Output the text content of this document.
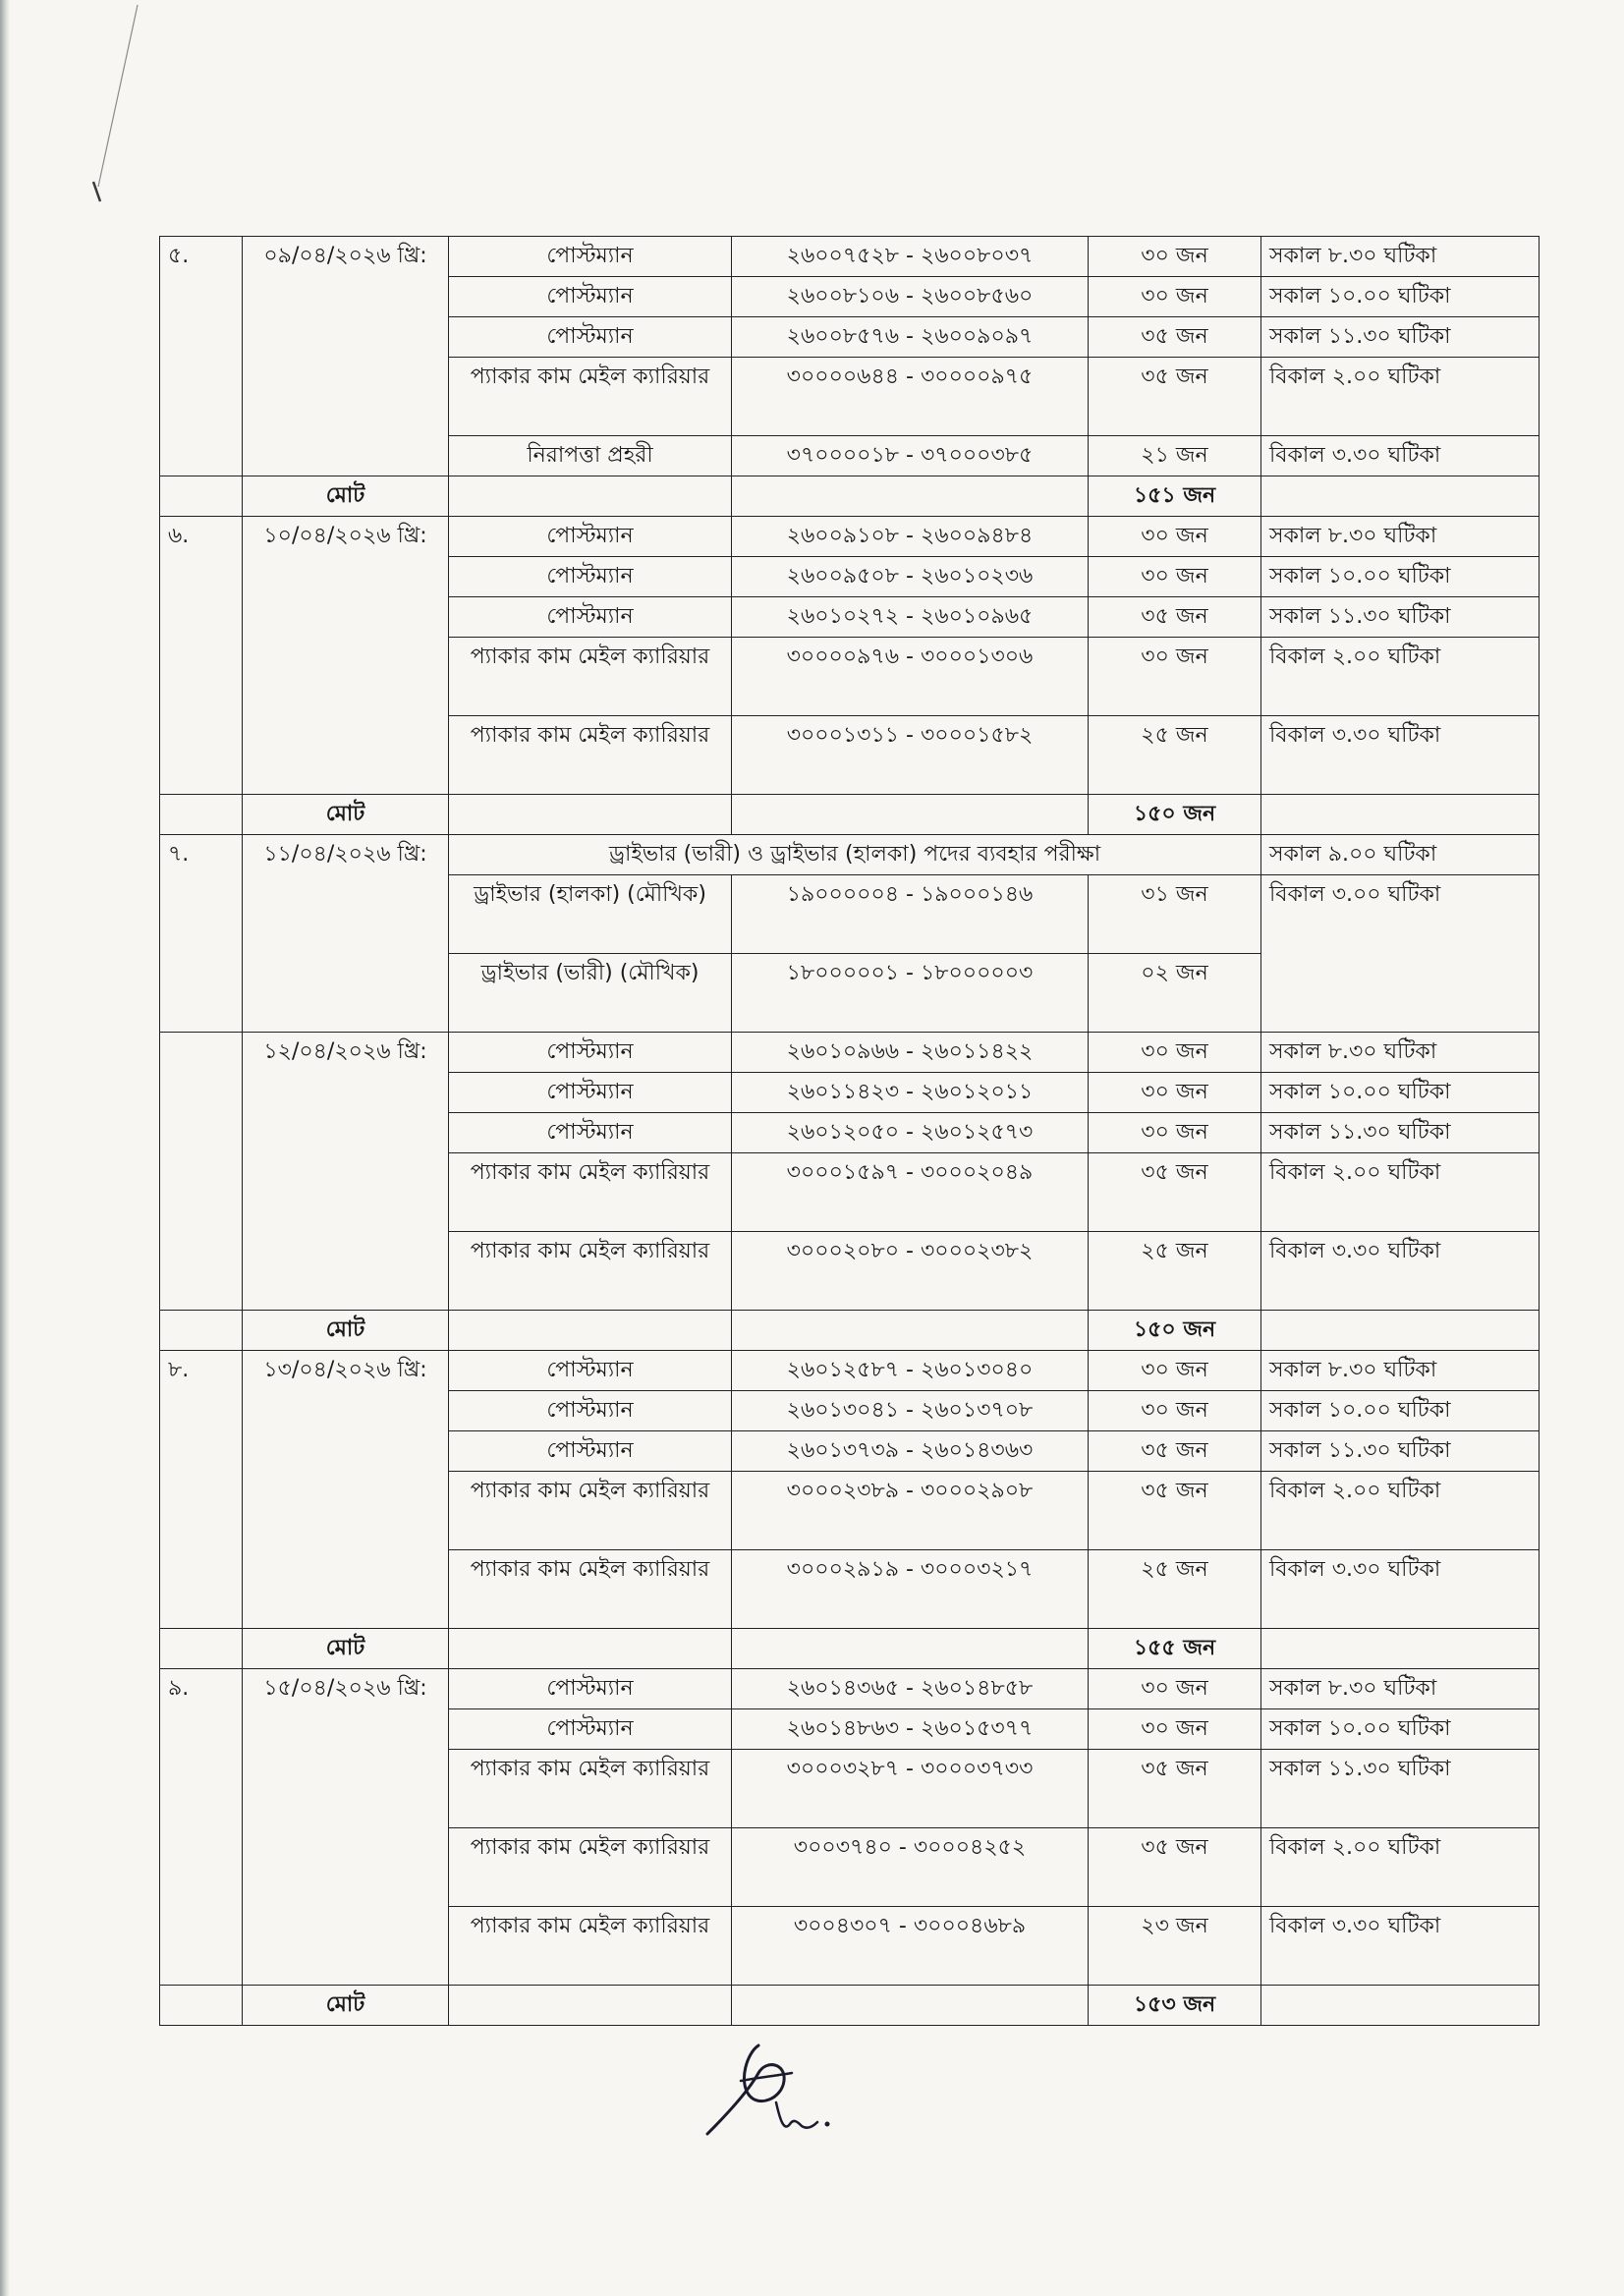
৫.	০৯/০৪/২০২৬ খ্রি:	পোস্টম্যান	২৬০০৭৫২৮ - ২৬০০৮০৩৭	৩০ জন	সকাল ৮.৩০ ঘটিকা
		পোস্টম্যান	২৬০০৮১০৬ - ২৬০০৮৫৬০	৩০ জন	সকাল ১০.০০ ঘটিকা
		পোস্টম্যান	২৬০০৮৫৭৬ - ২৬০০৯০৯৭	৩৫ জন	সকাল ১১.৩০ ঘটিকা
		প্যাকার কাম মেইল ক্যারিয়ার	৩০০০০৬৪৪ - ৩০০০০৯৭৫	৩৫ জন	বিকাল ২.০০ ঘটিকা
		নিরাপত্তা প্রহরী	৩৭০০০০১৮ - ৩৭০০০৩৮৫	২১ জন	বিকাল ৩.৩০ ঘটিকা
	মোট			১৫১ জন	
৬.	১০/০৪/২০২৬ খ্রি:	পোস্টম্যান	২৬০০৯১০৮ - ২৬০০৯৪৮৪	৩০ জন	সকাল ৮.৩০ ঘটিকা
		পোস্টম্যান	২৬০০৯৫০৮ - ২৬০১০২৩৬	৩০ জন	সকাল ১০.০০ ঘটিকা
		পোস্টম্যান	২৬০১০২৭২ - ২৬০১০৯৬৫	৩৫ জন	সকাল ১১.৩০ ঘটিকা
		প্যাকার কাম মেইল ক্যারিয়ার	৩০০০০৯৭৬ - ৩০০০১৩০৬	৩০ জন	বিকাল ২.০০ ঘটিকা
		প্যাকার কাম মেইল ক্যারিয়ার	৩০০০১৩১১ - ৩০০০১৫৮২	২৫ জন	বিকাল ৩.৩০ ঘটিকা
	মোট			১৫০ জন	
৭.	১১/০৪/২০২৬ খ্রি:	ড্রাইভার (ভারী) ও ড্রাইভার (হালকা) পদের ব্যবহার পরীক্ষা			সকাল ৯.০০ ঘটিকা
		ড্রাইভার (হালকা) (মৌখিক)	১৯০০০০০৪ - ১৯০০০১৪৬	৩১ জন	বিকাল ৩.০০ ঘটিকা
		ড্রাইভার (ভারী) (মৌখিক)	১৮০০০০০১ - ১৮০০০০০৩	০২ জন	
	১২/০৪/২০২৬ খ্রি:	পোস্টম্যান	২৬০১০৯৬৬ - ২৬০১১৪২২	৩০ জন	সকাল ৮.৩০ ঘটিকা
		পোস্টম্যান	২৬০১১৪২৩ - ২৬০১২০১১	৩০ জন	সকাল ১০.০০ ঘটিকা
		পোস্টম্যান	২৬০১২০৫০ - ২৬০১২৫৭৩	৩০ জন	সকাল ১১.৩০ ঘটিকা
		প্যাকার কাম মেইল ক্যারিয়ার	৩০০০১৫৯৭ - ৩০০০২০৪৯	৩৫ জন	বিকাল ২.০০ ঘটিকা
		প্যাকার কাম মেইল ক্যারিয়ার	৩০০০২০৮০ - ৩০০০২৩৮২	২৫ জন	বিকাল ৩.৩০ ঘটিকা
	মোট			১৫০ জন	
৮.	১৩/০৪/২০২৬ খ্রি:	পোস্টম্যান	২৬০১২৫৮৭ - ২৬০১৩০৪০	৩০ জন	সকাল ৮.৩০ ঘটিকা
		পোস্টম্যান	২৬০১৩০৪১ - ২৬০১৩৭০৮	৩০ জন	সকাল ১০.০০ ঘটিকা
		পোস্টম্যান	২৬০১৩৭৩৯ - ২৬০১৪৩৬৩	৩৫ জন	সকাল ১১.৩০ ঘটিকা
		প্যাকার কাম মেইল ক্যারিয়ার	৩০০০২৩৮৯ - ৩০০০২৯০৮	৩৫ জন	বিকাল ২.০০ ঘটিকা
		প্যাকার কাম মেইল ক্যারিয়ার	৩০০০২৯১৯ - ৩০০০৩২১৭	২৫ জন	বিকাল ৩.৩০ ঘটিকা
	মোট			১৫৫ জন	
৯.	১৫/০৪/২০২৬ খ্রি:	পোস্টম্যান	২৬০১৪৩৬৫ - ২৬০১৪৮৫৮	৩০ জন	সকাল ৮.৩০ ঘটিকা
		পোস্টম্যান	২৬০১৪৮৬৩ - ২৬০১৫৩৭৭	৩০ জন	সকাল ১০.০০ ঘটিকা
		প্যাকার কাম মেইল ক্যারিয়ার	৩০০০৩২৮৭ - ৩০০০৩৭৩৩	৩৫ জন	সকাল ১১.৩০ ঘটিকা
		প্যাকার কাম মেইল ক্যারিয়ার	৩০০৩৭৪০ - ৩০০০৪২৫২	৩৫ জন	বিকাল ২.০০ ঘটিকা
		প্যাকার কাম মেইল ক্যারিয়ার	৩০০৪৩০৭ - ৩০০০৪৬৮৯	২৩ জন	বিকাল ৩.৩০ ঘটিকা
	মোট			১৫৩ জন	
